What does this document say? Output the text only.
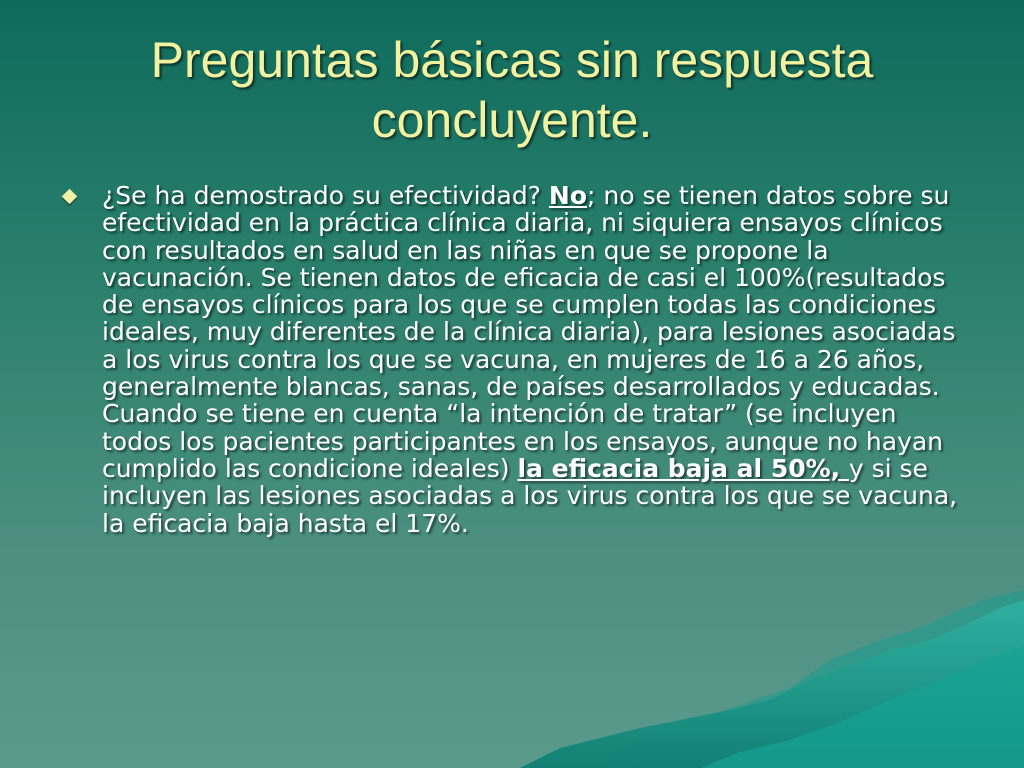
Preguntas básicas sin respuesta
concluyente.
¿Se ha demostrado su efectividad? No; no se tienen datos sobre su efectividad en la práctica clínica diaria, ni siquiera ensayos clínicos con resultados en salud en las niñas en que se propone la vacunación. Se tienen datos de eficacia de casi el 100%(resultados de ensayos clínicos para los que se cumplen todas las condiciones ideales, muy diferentes de la clínica diaria), para lesiones asociadas a los virus contra los que se vacuna, en mujeres de 16 a 26 años, generalmente blancas, sanas, de países desarrollados y educadas. Cuando se tiene en cuenta “la intención de tratar” (se incluyen todos los pacientes participantes en los ensayos, aunque no hayan cumplido las condicione ideales) la eficacia baja al 50%, y si se incluyen las lesiones asociadas a los virus contra los que se vacuna, la eficacia baja hasta el 17%.
